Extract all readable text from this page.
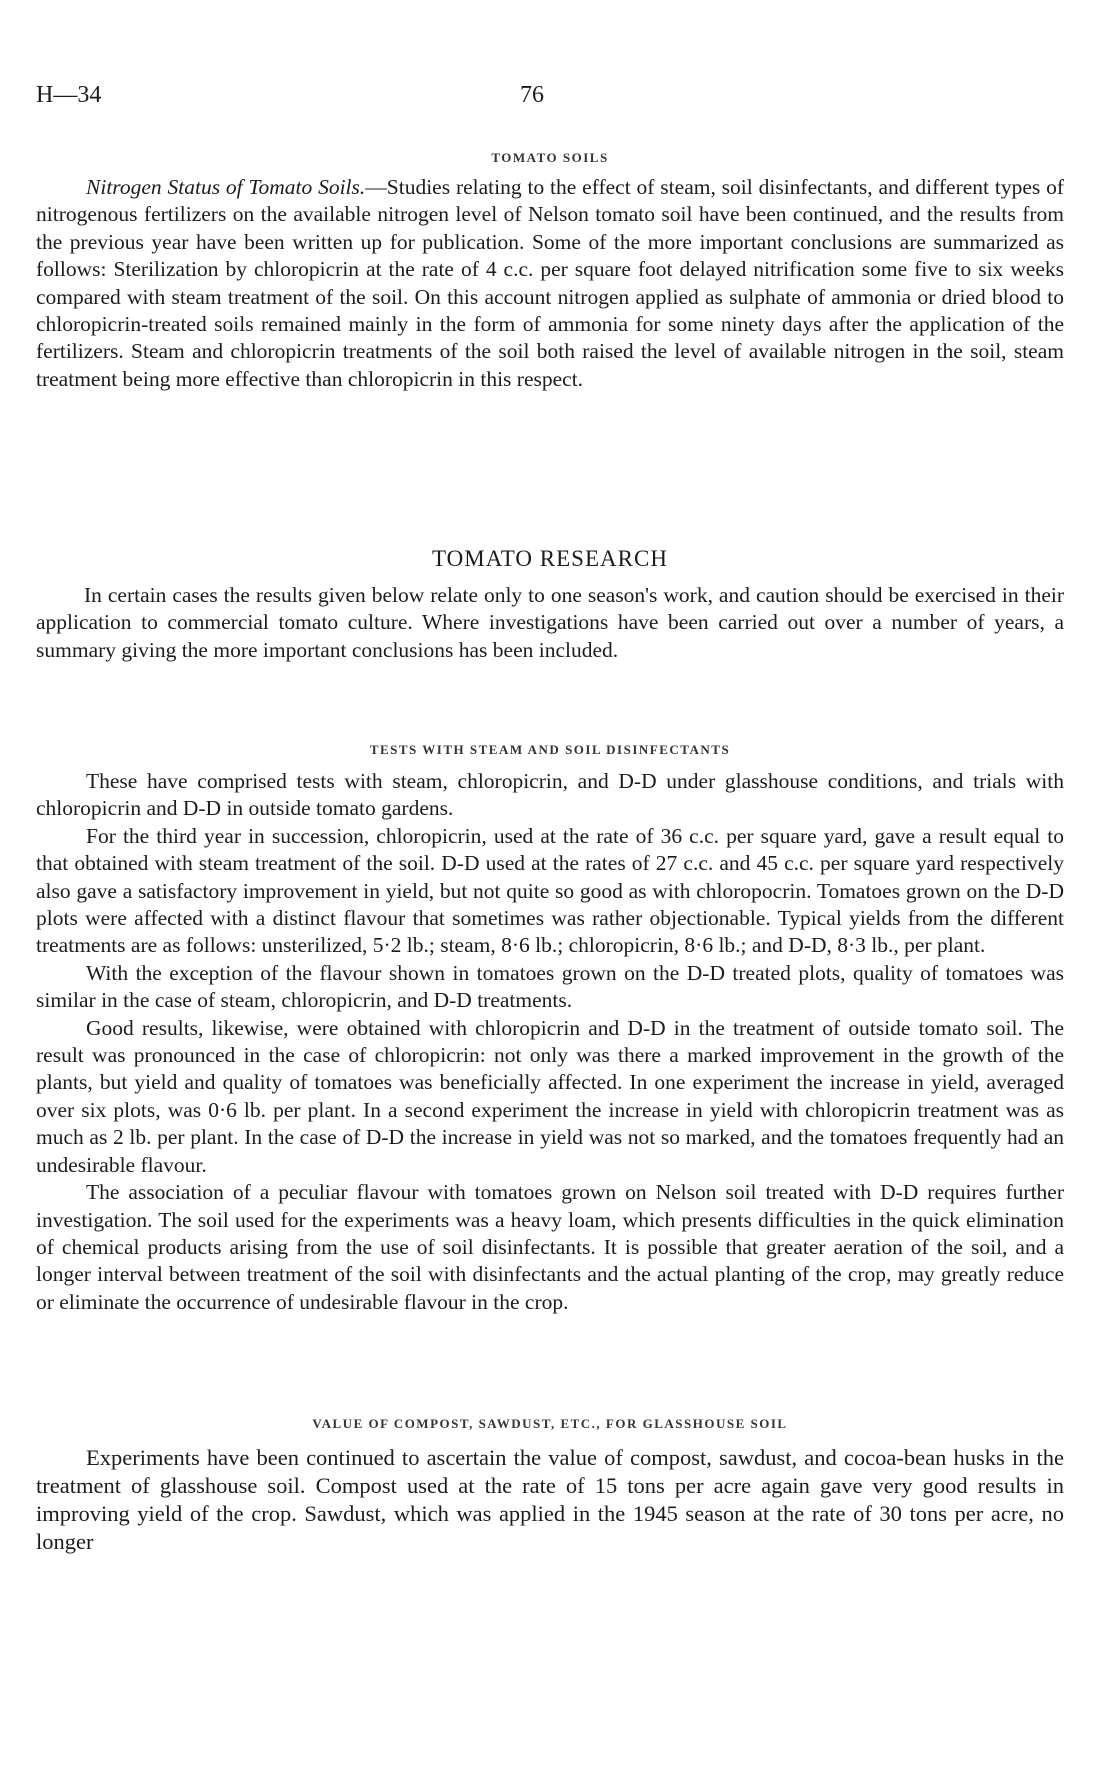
H—34	76
TOMATO SOILS

Nitrogen Status of Tomato Soils.—Studies relating to the effect of steam, soil disinfectants, and different types of nitrogenous fertilizers on the available nitrogen level of Nelson tomato soil have been continued, and the results from the previous year have been written up for publication. Some of the more important conclusions are summarized as follows: Sterilization by chloropicrin at the rate of 4 c.c. per square foot delayed nitrification some five to six weeks compared with steam treatment of the soil. On this account nitrogen applied as sulphate of ammonia or dried blood to chloropicrin-treated soils remained mainly in the form of ammonia for some ninety days after the application of the fertilizers. Steam and chloropicrin treatments of the soil both raised the level of available nitrogen in the soil, steam treatment being more effective than chloropicrin in this respect.

TOMATO RESEARCH

In certain cases the results given below relate only to one season's work, and caution should be exercised in their application to commercial tomato culture. Where investigations have been carried out over a number of years, a summary giving the more important conclusions has been included.

TESTS WITH STEAM AND SOIL DISINFECTANTS

These have comprised tests with steam, chloropicrin, and D-D under glasshouse conditions, and trials with chloropicrin and D-D in outside tomato gardens.

For the third year in succession, chloropicrin, used at the rate of 36 c.c. per square yard, gave a result equal to that obtained with steam treatment of the soil. D-D used at the rates of 27 c.c. and 45 c.c. per square yard respectively also gave a satisfactory improvement in yield, but not quite so good as with chloropocrin. Tomatoes grown on the D-D plots were affected with a distinct flavour that sometimes was rather objectionable. Typical yields from the different treatments are as follows: unsterilized, 5·2 lb.; steam, 8·6 lb.; chloropicrin, 8·6 lb.; and D-D, 8·3 lb., per plant.

With the exception of the flavour shown in tomatoes grown on the D-D treated plots, quality of tomatoes was similar in the case of steam, chloropicrin, and D-D treatments.

Good results, likewise, were obtained with chloropicrin and D-D in the treatment of outside tomato soil. The result was pronounced in the case of chloropicrin: not only was there a marked improvement in the growth of the plants, but yield and quality of tomatoes was beneficially affected. In one experiment the increase in yield, averaged over six plots, was 0·6 lb. per plant. In a second experiment the increase in yield with chloropicrin treatment was as much as 2 lb. per plant. In the case of D-D the increase in yield was not so marked, and the tomatoes frequently had an undesirable flavour.

The association of a peculiar flavour with tomatoes grown on Nelson soil treated with D-D requires further investigation. The soil used for the experiments was a heavy loam, which presents difficulties in the quick elimination of chemical products arising from the use of soil disinfectants. It is possible that greater aeration of the soil, and a longer interval between treatment of the soil with disinfectants and the actual planting of the crop, may greatly reduce or eliminate the occurrence of undesirable flavour in the crop.

VALUE OF COMPOST, SAWDUST, ETC., FOR GLASSHOUSE SOIL

Experiments have been continued to ascertain the value of compost, sawdust, and cocoa-bean husks in the treatment of glasshouse soil. Compost used at the rate of 15 tons per acre again gave very good results in improving yield of the crop. Sawdust, which was applied in the 1945 season at the rate of 30 tons per acre, no longer
